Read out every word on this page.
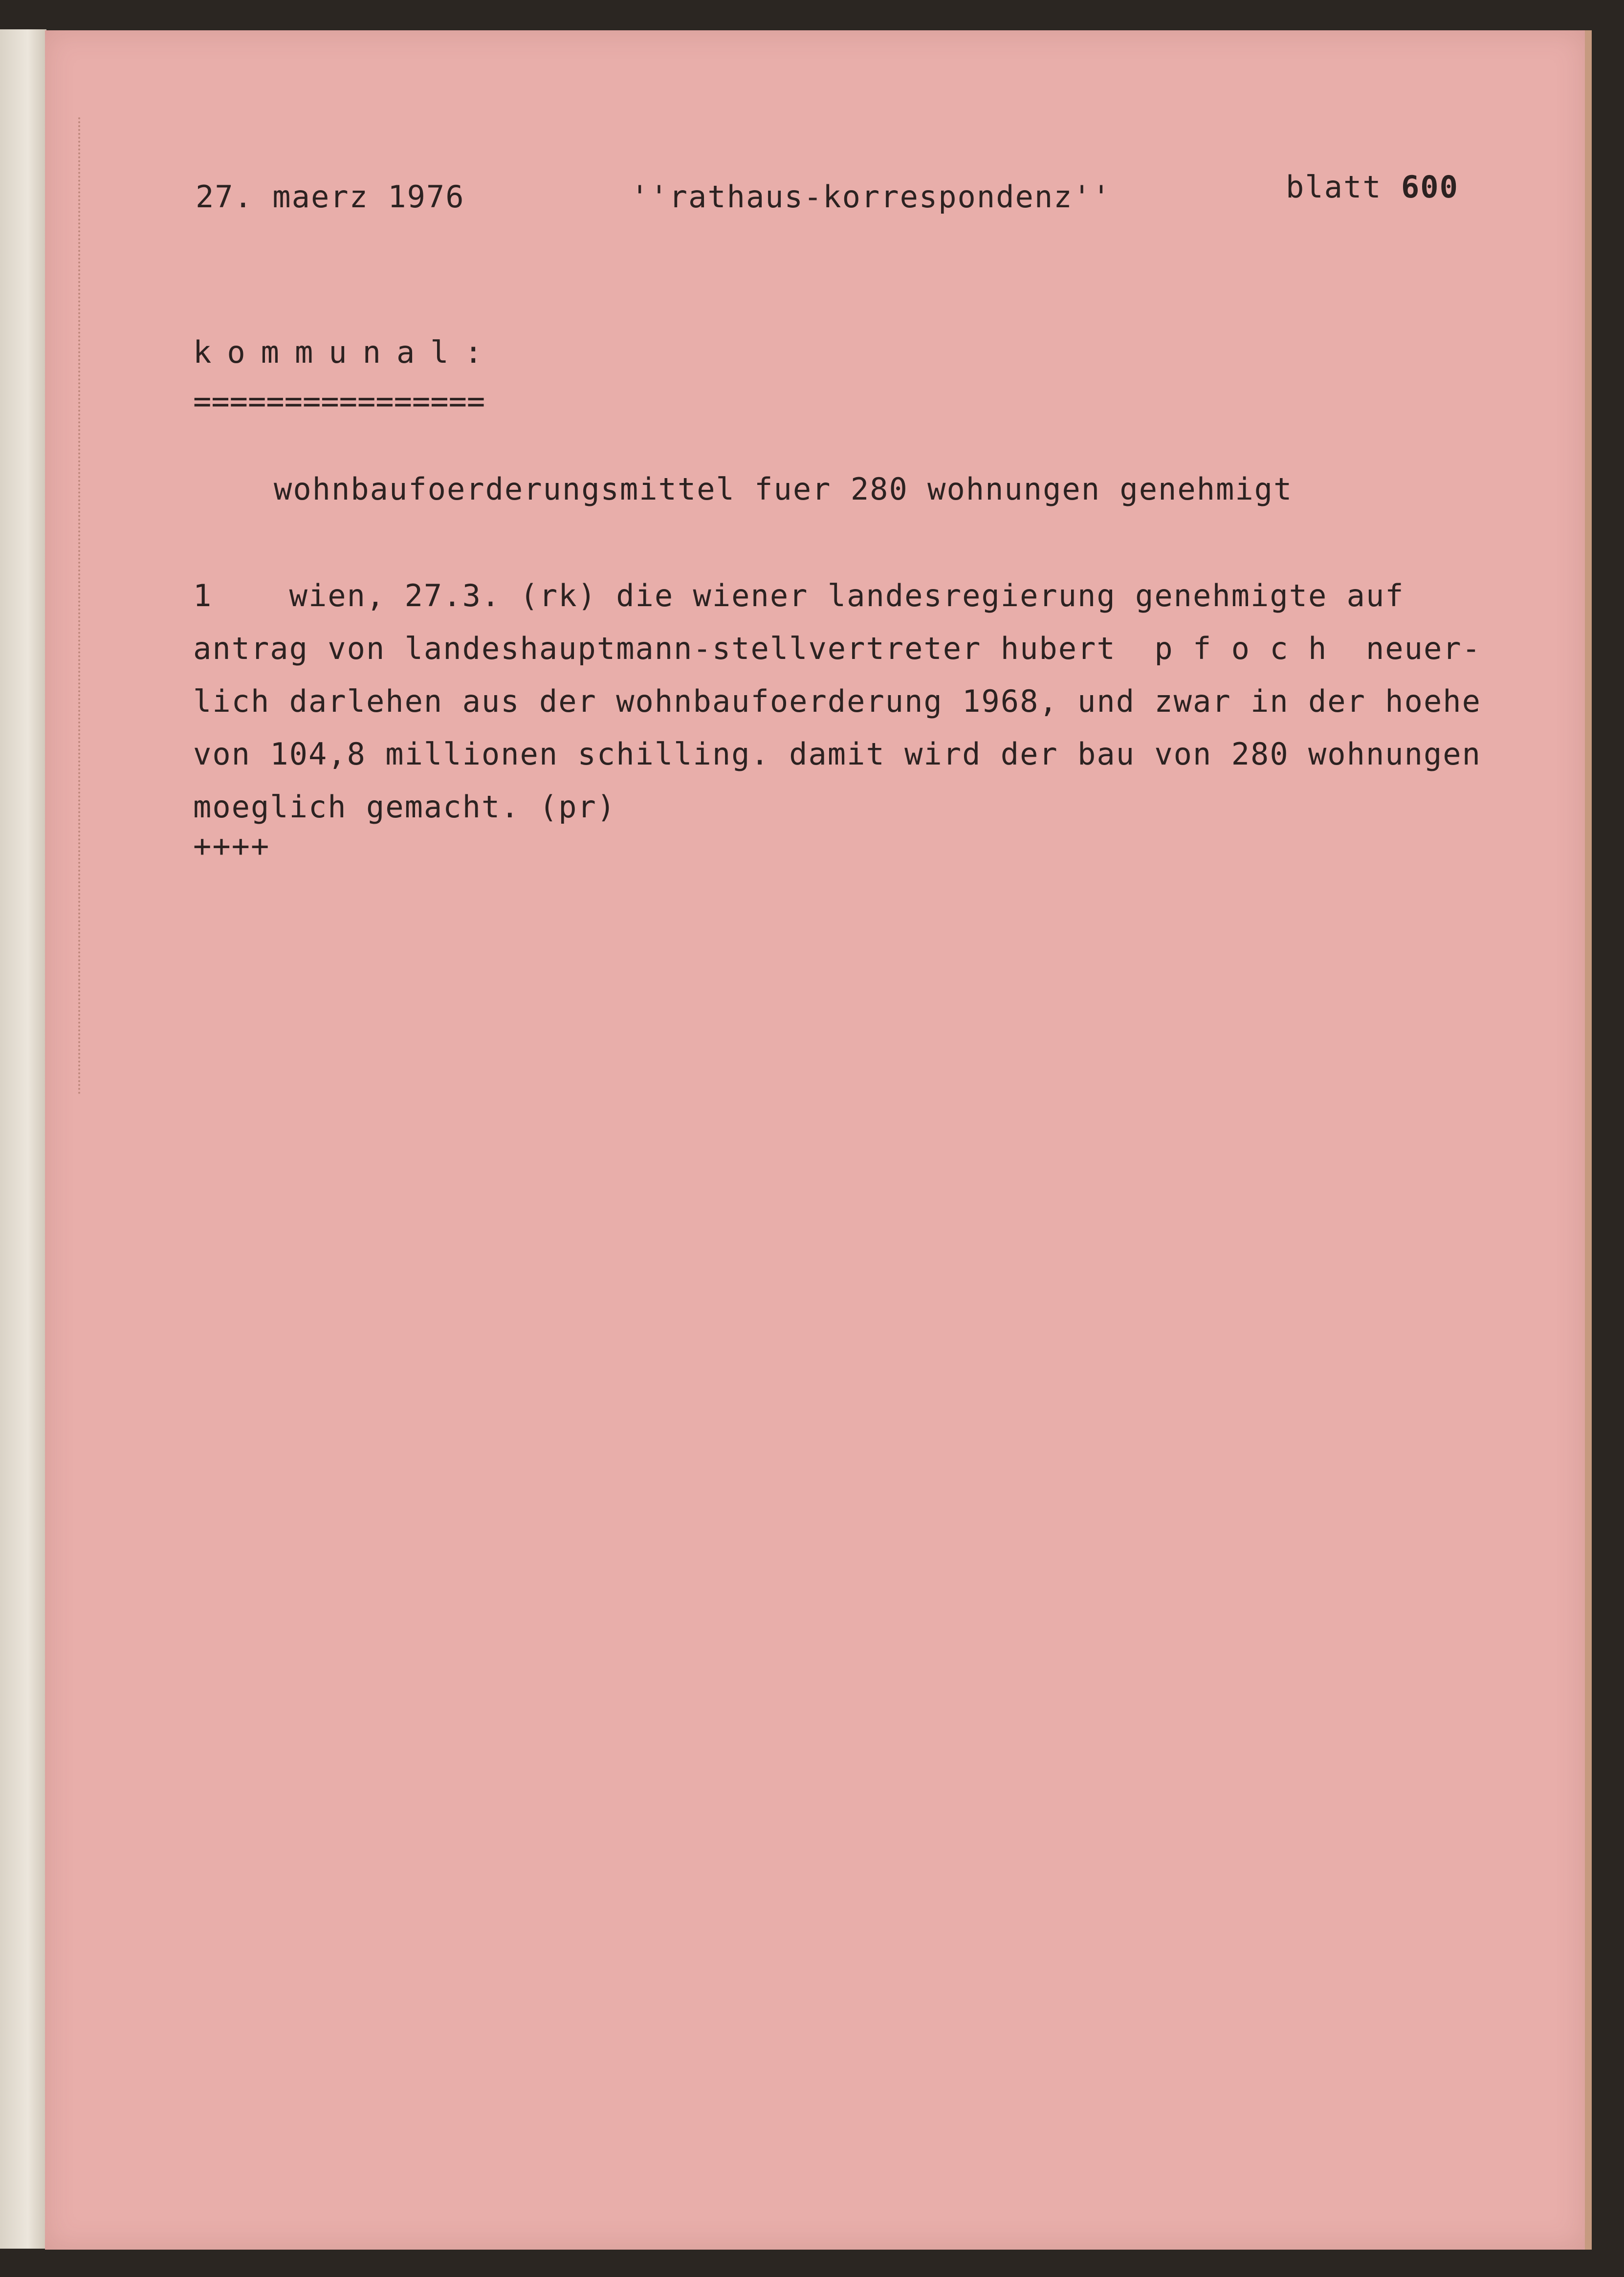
27. maerz 1976	''rathaus-korrespondenz''	blatt 600
kommunal:
================
wohnbaufoerderungsmittel fuer 280 wohnungen genehmigt
1    wien, 27.3. (rk) die wiener landesregierung genehmigte auf
antrag von landeshauptmann-stellvertreter hubert  p f o c h  neuer-
lich darlehen aus der wohnbaufoerderung 1968, und zwar in der hoehe
von 104,8 millionen schilling. damit wird der bau von 280 wohnungen
moeglich gemacht. (pr)
++++
